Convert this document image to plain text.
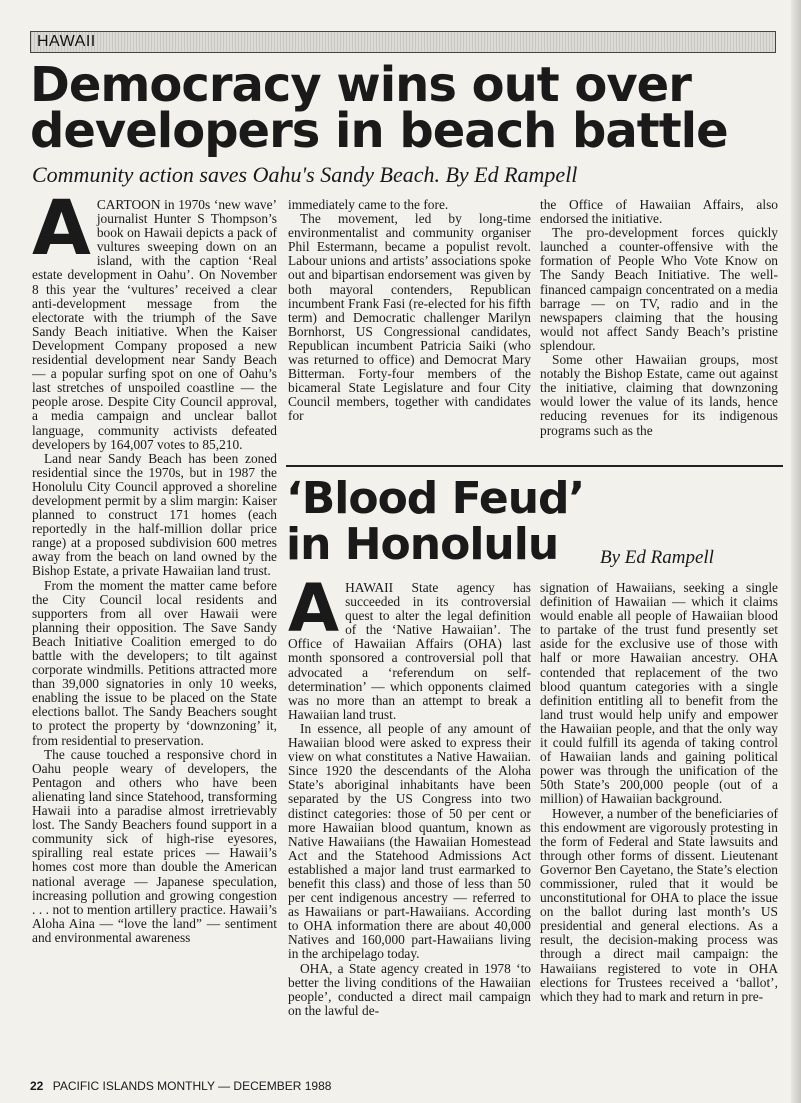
HAWAII
Democracy wins out over
developers in beach battle
Community action saves Oahu's Sandy Beach. By Ed Rampell
A CARTOON in 1970s ‘new wave’ journalist Hunter S Thompson’s book on Hawaii depicts a pack of vultures sweeping down on an island, with the caption ‘Real estate development in Oahu’. On November 8 this year the ‘vultures’ received a clear anti-development message from the electorate with the triumph of the Save Sandy Beach initiative. When the Kaiser Development Company proposed a new residential development near Sandy Beach — a popular surfing spot on one of Oahu’s last stretches of unspoiled coastline — the people arose. Despite City Council approval, a media campaign and unclear ballot language, community activists defeated developers by 164,007 votes to 85,210.

Land near Sandy Beach has been zoned residential since the 1970s, but in 1987 the Honolulu City Council approved a shoreline development permit by a slim margin: Kaiser planned to construct 171 homes (each reportedly in the half-million dollar price range) at a proposed subdivision 600 metres away from the beach on land owned by the Bishop Estate, a private Hawaiian land trust.

From the moment the matter came before the City Council local residents and supporters from all over Hawaii were planning their opposition. The Save Sandy Beach Initiative Coalition emerged to do battle with the developers; to tilt against corporate windmills. Petitions attracted more than 39,000 signatories in only 10 weeks, enabling the issue to be placed on the State elections ballot. The Sandy Beachers sought to protect the property by ‘downzoning’ it, from residential to preservation.

The cause touched a responsive chord in Oahu people weary of developers, the Pentagon and others who have been alienating land since Statehood, transforming Hawaii into a paradise almost irretrievably lost. The Sandy Beachers found support in a community sick of high-rise eyesores, spiralling real estate prices — Hawaii’s homes cost more than double the American national average — Japanese speculation, increasing pollution and growing congestion . . . not to mention artillery practice. Hawaii’s Aloha Aina — “love the land” — sentiment and environmental awareness

immediately came to the fore.

The movement, led by long-time environmentalist and community organiser Phil Estermann, became a populist revolt. Labour unions and artists’ associations spoke out and bipartisan endorsement was given by both mayoral contenders, Republican incumbent Frank Fasi (re-elected for his fifth term) and Democratic challenger Marilyn Bornhorst, US Congressional candidates, Republican incumbent Patricia Saiki (who was returned to office) and Democrat Mary Bitterman. Forty-four members of the bicameral State Legislature and four City Council members, together with candidates for

the Office of Hawaiian Affairs, also endorsed the initiative.

The pro-development forces quickly launched a counter-offensive with the formation of People Who Vote Know on The Sandy Beach Initiative. The well-financed campaign concentrated on a media barrage — on TV, radio and in the newspapers claiming that the housing would not affect Sandy Beach’s pristine splendour.

Some other Hawaiian groups, most notably the Bishop Estate, came out against the initiative, claiming that downzoning would lower the value of its lands, hence reducing revenues for its indigenous programs such as the

‘Blood Feud’
in Honolulu	By Ed Rampell
A HAWAII State agency has succeeded in its controversial quest to alter the legal definition of the ‘Native Hawaiian’. The Office of Hawaiian Affairs (OHA) last month sponsored a controversial poll that advocated a ‘referendum on self-determination’ — which opponents claimed was no more than an attempt to break a Hawaiian land trust.

In essence, all people of any amount of Hawaiian blood were asked to express their view on what constitutes a Native Hawaiian. Since 1920 the descendants of the Aloha State’s aboriginal inhabitants have been separated by the US Congress into two distinct categories: those of 50 per cent or more Hawaiian blood quantum, known as Native Hawaiians (the Hawaiian Homestead Act and the Statehood Admissions Act established a major land trust earmarked to benefit this class) and those of less than 50 per cent indigenous ancestry — referred to as Hawaiians or part-Hawaiians. According to OHA information there are about 40,000 Natives and 160,000 part-Hawaiians living in the archipelago today.

OHA, a State agency created in 1978 ‘to better the living conditions of the Hawaiian people’, conducted a direct mail campaign on the lawful de-

signation of Hawaiians, seeking a single definition of Hawaiian — which it claims would enable all people of Hawaiian blood to partake of the trust fund presently set aside for the exclusive use of those with half or more Hawaiian ancestry. OHA contended that replacement of the two blood quantum categories with a single definition entitling all to benefit from the land trust would help unify and empower the Hawaiian people, and that the only way it could fulfill its agenda of taking control of Hawaiian lands and gaining political power was through the unification of the 50th State’s 200,000 people (out of a million) of Hawaiian background.

However, a number of the beneficiaries of this endowment are vigorously protesting in the form of Federal and State lawsuits and through other forms of dissent. Lieutenant Governor Ben Cayetano, the State’s election commissioner, ruled that it would be unconstitutional for OHA to place the issue on the ballot during last month’s US presidential and general elections. As a result, the decision-making process was through a direct mail campaign: the Hawaiians registered to vote in OHA elections for Trustees received a ‘ballot’, which they had to mark and return in pre-

22 PACIFIC ISLANDS MONTHLY — DECEMBER 1988
